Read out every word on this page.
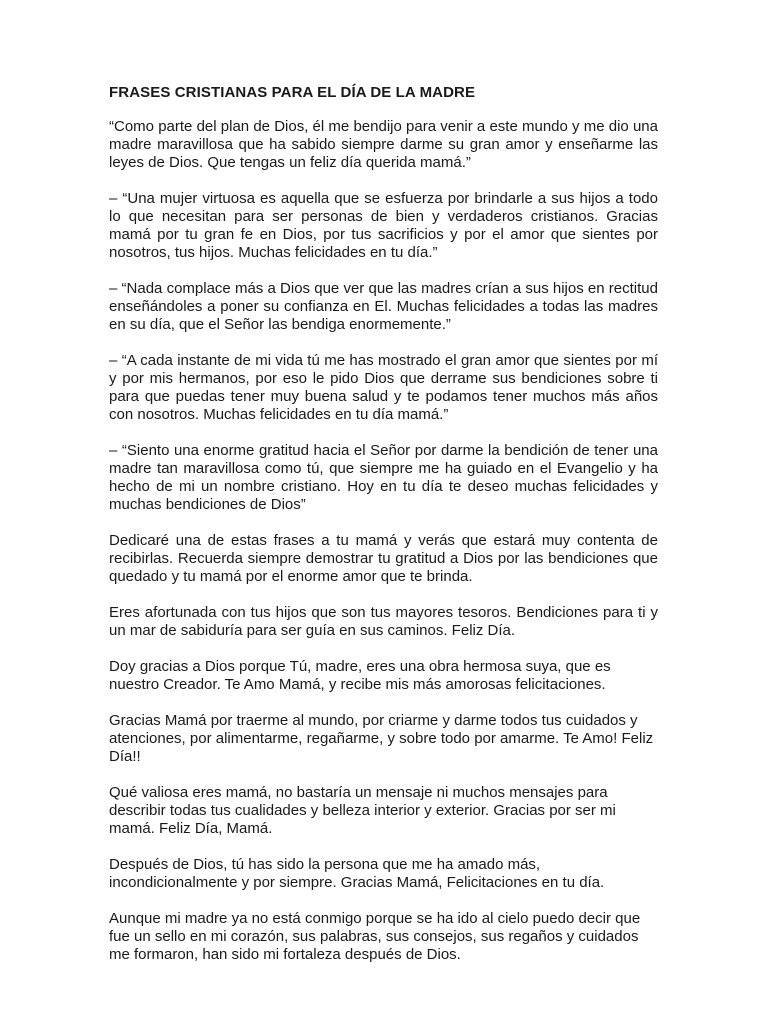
FRASES CRISTIANAS PARA EL DÍA DE LA MADRE

“Como parte del plan de Dios, él me bendijo para venir a este mundo y me dio una madre maravillosa que ha sabido siempre darme su gran amor y enseñarme las leyes de Dios. Que tengas un feliz día querida mamá.”

– “Una mujer virtuosa es aquella que se esfuerza por brindarle a sus hijos a todo lo que necesitan para ser personas de bien y verdaderos cristianos. Gracias mamá por tu gran fe en Dios, por tus sacrificios y por el amor que sientes por nosotros, tus hijos. Muchas felicidades en tu día.”

– “Nada complace más a Dios que ver que las madres crían a sus hijos en rectitud enseñándoles a poner su confianza en El. Muchas felicidades a todas las madres en su día, que el Señor las bendiga enormemente.”

– “A cada instante de mi vida tú me has mostrado el gran amor que sientes por mí y por mis hermanos, por eso le pido Dios que derrame sus bendiciones sobre ti para que puedas tener muy buena salud y te podamos tener muchos más años con nosotros. Muchas felicidades en tu día mamá.”

– “Siento una enorme gratitud hacia el Señor por darme la bendición de tener una madre tan maravillosa como tú, que siempre me ha guiado en el Evangelio y ha hecho de mi un nombre cristiano. Hoy en tu día te deseo muchas felicidades y muchas bendiciones de Dios”

Dedicaré una de estas frases a tu mamá y verás que estará muy contenta de recibirlas. Recuerda siempre demostrar tu gratitud a Dios por las bendiciones que quedado y tu mamá por el enorme amor que te brinda.

Eres afortunada con tus hijos que son tus mayores tesoros. Bendiciones para ti y un mar de sabiduría para ser guía en sus caminos. Feliz Día.

Doy gracias a Dios porque Tú, madre, eres una obra hermosa suya, que es nuestro Creador. Te Amo Mamá, y recibe mis más amorosas felicitaciones.

Gracias Mamá por traerme al mundo, por criarme y darme todos tus cuidados y atenciones, por alimentarme, regañarme, y sobre todo por amarme. Te Amo! Feliz Día!!

Qué valiosa eres mamá, no bastaría un mensaje ni muchos mensajes para describir todas tus cualidades y belleza interior y exterior. Gracias por ser mi mamá. Feliz Día, Mamá.

Después de Dios, tú has sido la persona que me ha amado más, incondicionalmente y por siempre. Gracias Mamá, Felicitaciones en tu día.

Aunque mi madre ya no está conmigo porque se ha ido al cielo puedo decir que fue un sello en mi corazón, sus palabras, sus consejos, sus regaños y cuidados me formaron, han sido mi fortaleza después de Dios.
